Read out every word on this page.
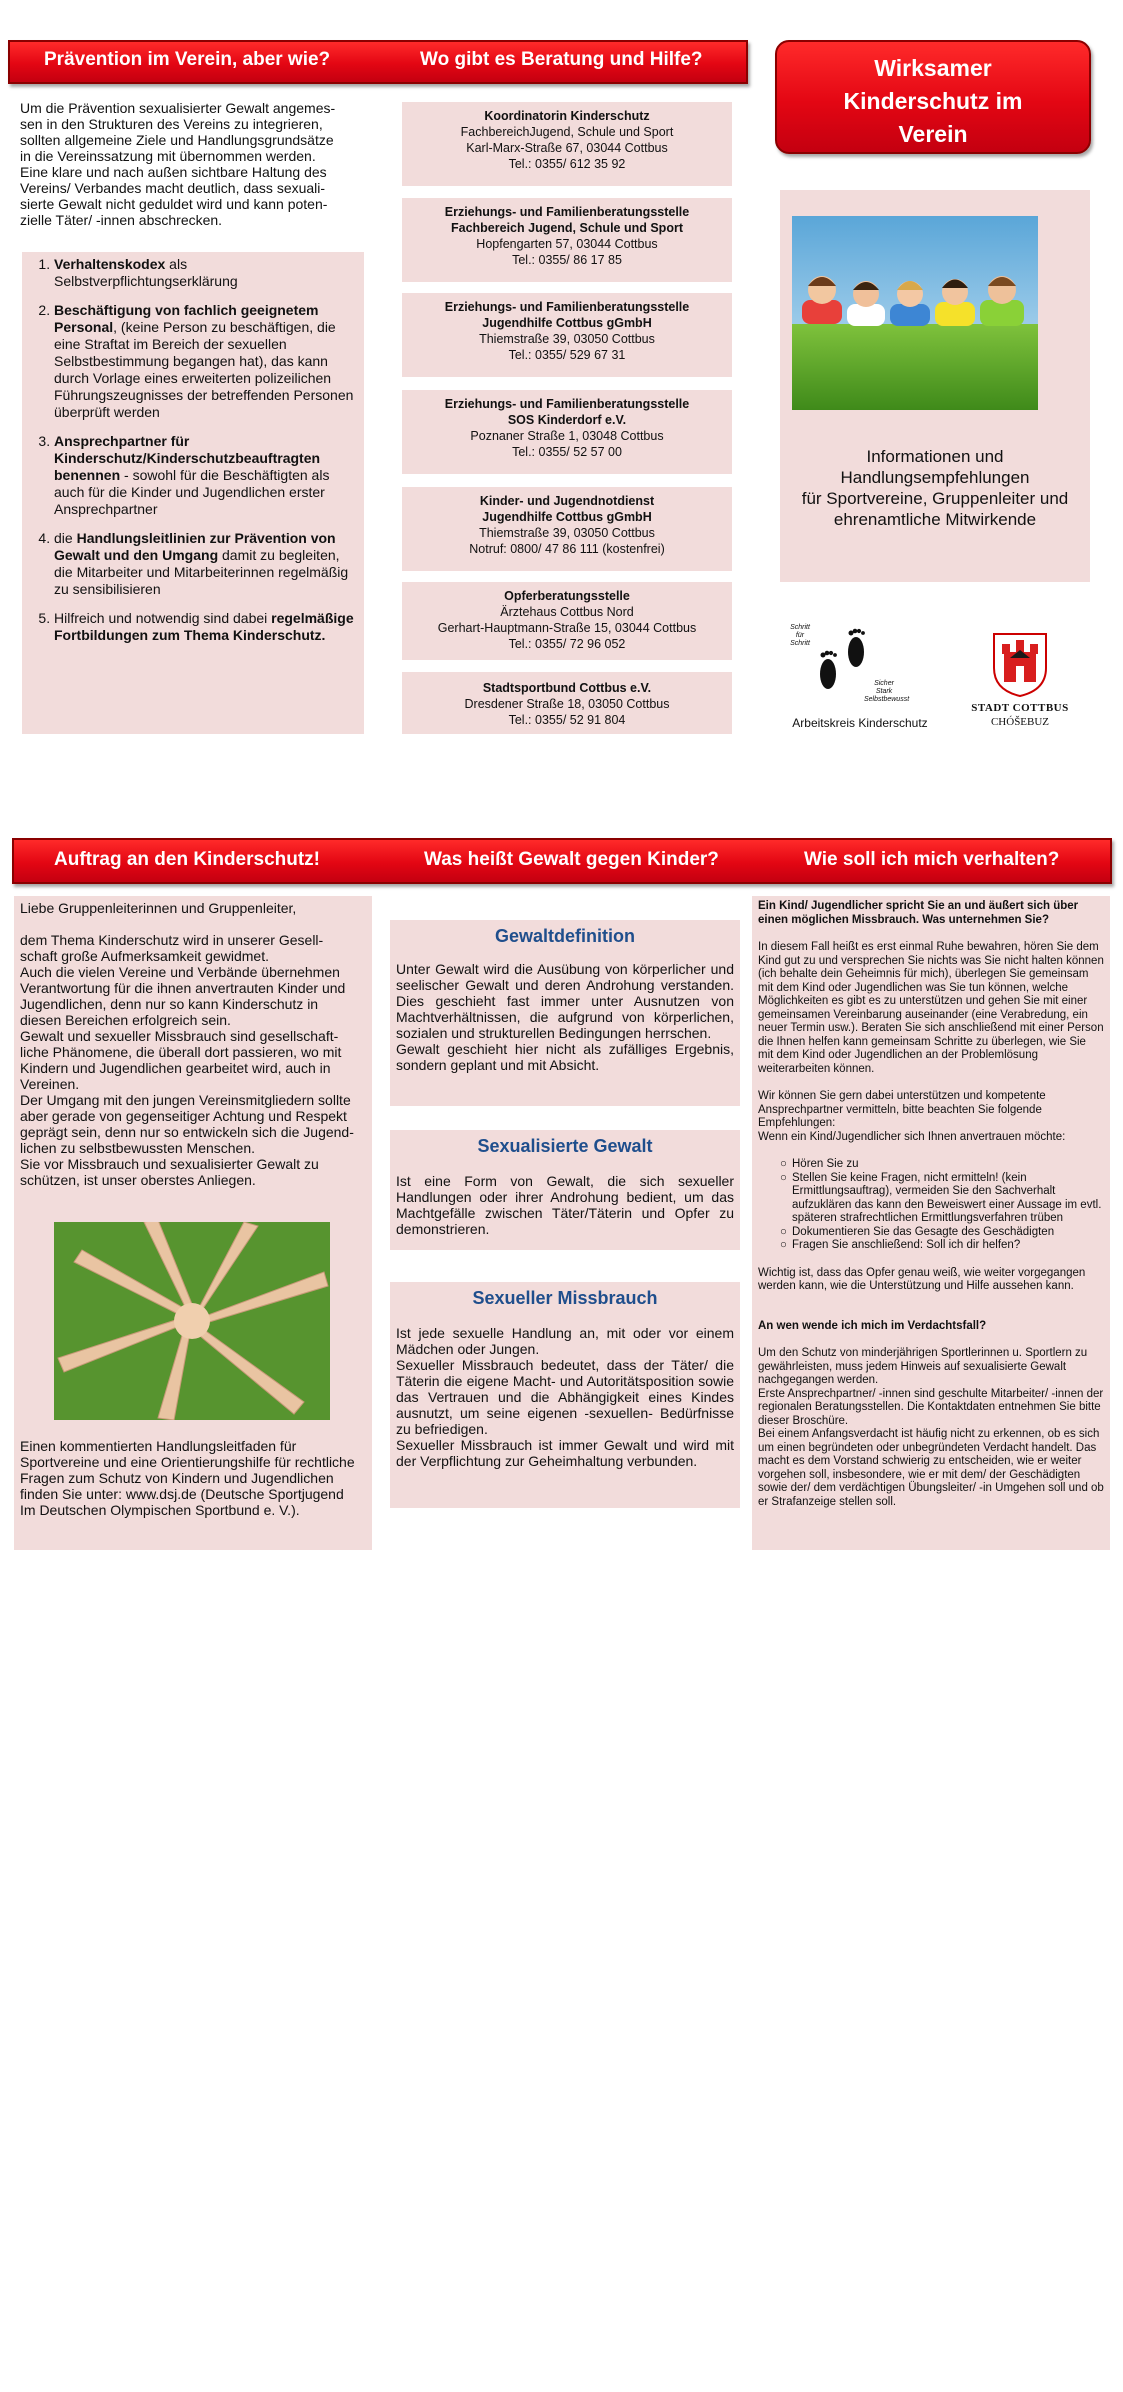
Prävention im Verein, aber wie?	Wo gibt es Beratung und Hilfe?	Wirksamer
Kinderschutz im
Verein
Um die Prävention sexualisierter Gewalt angemes-
sen in den Strukturen des Vereins zu integrieren,
sollten allgemeine Ziele und Handlungsgrundsätze
in die Vereinssatzung mit übernommen werden.
Eine klare und nach außen sichtbare Haltung des
Vereins/ Verbandes macht deutlich, dass sexuali-
sierte Gewalt nicht geduldet wird und kann poten-
zielle Täter/ -innen abschrecken.
1. Verhaltenskodex als Selbstverpflichtungserklärung
2. Beschäftigung von fachlich geeignetem Personal, (keine Person zu beschäftigen, die eine Straftat im Bereich der sexuellen Selbstbestimmung begangen hat), das kann durch Vorlage eines erweiterten polizeilichen Führungszeugnisses der betreffenden Personen überprüft werden
3. Ansprechpartner für Kinderschutz/Kinderschutzbeauftragten benennen - sowohl für die Beschäftigten als auch für die Kinder und Jugendlichen erster Ansprechpartner
4. die Handlungsleitlinien zur Prävention von Gewalt und den Umgang damit zu begleiten, die Mitarbeiter und Mitarbeiterinnen regelmäßig zu sensibilisieren
5. Hilfreich und notwendig sind dabei regelmäßige Fortbildungen zum Thema Kinderschutz.
Koordinatorin Kinderschutz
FachbereichJugend, Schule und Sport
Karl-Marx-Straße 67, 03044 Cottbus
Tel.: 0355/ 612 35 92
Erziehungs- und Familienberatungsstelle
Fachbereich Jugend, Schule und Sport
Hopfengarten 57, 03044 Cottbus
Tel.: 0355/ 86 17 85
Erziehungs- und Familienberatungsstelle
Jugendhilfe Cottbus gGmbH
Thiemstraße 39, 03050 Cottbus
Tel.: 0355/ 529 67 31
Erziehungs- und Familienberatungsstelle
SOS Kinderdorf e.V.
Poznaner Straße 1, 03048 Cottbus
Tel.: 0355/ 52 57 00
Kinder- und Jugendnotdienst
Jugendhilfe Cottbus gGmbH
Thiemstraße 39, 03050 Cottbus
Notruf: 0800/ 47 86 111 (kostenfrei)
Opferberatungsstelle
Ärztehaus Cottbus Nord
Gerhart-Hauptmann-Straße 15, 03044 Cottbus
Tel.: 0355/ 72 96 052
Stadtsportbund Cottbus e.V.
Dresdener Straße 18, 03050 Cottbus
Tel.: 0355/ 52 91 804
Informationen und
Handlungsempfehlungen
für Sportvereine, Gruppenleiter und
ehrenamtliche Mitwirkende
Schritt
für
Schritt
Sicher
Stark
Selbstbewusst
Arbeitskreis Kinderschutz
STADT COTTBUS
CHÓŠEBUZ
Auftrag an den Kinderschutz!	Was heißt Gewalt gegen Kinder?	Wie soll ich mich verhalten?
Liebe Gruppenleiterinnen und Gruppenleiter,
dem Thema Kinderschutz wird in unserer Gesell-
schaft große Aufmerksamkeit gewidmet.
Auch die vielen Vereine und Verbände übernehmen
Verantwortung für die ihnen anvertrauten Kinder und
Jugendlichen, denn nur so kann Kinderschutz in
diesen Bereichen erfolgreich sein.
Gewalt und sexueller Missbrauch sind gesellschaft-
liche Phänomene, die überall dort passieren, wo mit
Kindern und Jugendlichen gearbeitet wird, auch in
Vereinen.
Der Umgang mit den jungen Vereinsmitgliedern sollte
aber gerade von gegenseitiger Achtung und Respekt
geprägt sein, denn nur so entwickeln sich die Jugend-
lichen zu selbstbewussten Menschen.
Sie vor Missbrauch und sexualisierter Gewalt zu
schützen, ist unser oberstes Anliegen.
Einen kommentierten Handlungsleitfaden für
Sportvereine und eine Orientierungshilfe für rechtliche
Fragen zum Schutz von Kindern und Jugendlichen
finden Sie unter: www.dsj.de (Deutsche Sportjugend
Im Deutschen Olympischen Sportbund e. V.).
Gewaltdefinition
Unter Gewalt wird die Ausübung von körperlicher und seelischer Gewalt und deren Androhung verstanden. Dies geschieht fast immer unter Ausnutzen von Machtverhältnissen, die aufgrund von körperlichen, sozialen und strukturellen Bedingungen herrschen.
Gewalt geschieht hier nicht als zufälliges Ergebnis, sondern geplant und mit Absicht.
Sexualisierte Gewalt
Ist eine Form von Gewalt, die sich sexueller Handlungen oder ihrer Androhung bedient, um das Machtgefälle zwischen Täter/Täterin und Opfer zu demonstrieren.
Sexueller Missbrauch
Ist jede sexuelle Handlung an, mit oder vor einem Mädchen oder Jungen.
Sexueller Missbrauch bedeutet, dass der Täter/ die Täterin die eigene Macht- und Autoritätsposition sowie das Vertrauen und die Abhängigkeit eines Kindes ausnutzt, um seine eigenen -sexuellen- Bedürfnisse zu befriedigen.
Sexueller Missbrauch ist immer Gewalt und wird mit der Verpflichtung zur Geheimhaltung verbunden.
Ein Kind/ Jugendlicher spricht Sie an und äußert sich über einen möglichen Missbrauch. Was unternehmen Sie?
In diesem Fall heißt es erst einmal Ruhe bewahren, hören Sie dem Kind gut zu und versprechen Sie nichts was Sie nicht halten können (ich behalte dein Geheimnis für mich), überlegen Sie gemeinsam mit dem Kind oder Jugendlichen was Sie tun können, welche Möglichkeiten es gibt es zu unterstützen und gehen Sie mit einer gemeinsamen Vereinbarung auseinander (eine Verabredung, ein neuer Termin usw.). Beraten Sie sich anschließend mit einer Person die Ihnen helfen kann gemeinsam Schritte zu überlegen, wie Sie mit dem Kind oder Jugendlichen an der Problemlösung weiterarbeiten können.
Wir können Sie gern dabei unterstützen und kompetente Ansprechpartner vermitteln, bitte beachten Sie folgende Empfehlungen:
Wenn ein Kind/Jugendlicher sich Ihnen anvertrauen möchte:
○ Hören Sie zu
○ Stellen Sie keine Fragen, nicht ermitteln! (kein Ermittlungsauftrag), vermeiden Sie den Sachverhalt aufzuklären das kann den Beweiswert einer Aussage im evtl. späteren strafrechtlichen Ermittlungsverfahren trüben
○ Dokumentieren Sie das Gesagte des Geschädigten
○ Fragen Sie anschließend: Soll ich dir helfen?
Wichtig ist, dass das Opfer genau weiß, wie weiter vorgegangen werden kann, wie die Unterstützung und Hilfe aussehen kann.
An wen wende ich mich im Verdachtsfall?
Um den Schutz von minderjährigen Sportlerinnen u. Sportlern zu gewährleisten, muss jedem Hinweis auf sexualisierte Gewalt nachgegangen werden.
Erste Ansprechpartner/ -innen sind geschulte Mitarbeiter/ -innen der regionalen Beratungsstellen. Die Kontaktdaten entnehmen Sie bitte dieser Broschüre.
Bei einem Anfangsverdacht ist häufig nicht zu erkennen, ob es sich um einen begründeten oder unbegründeten Verdacht handelt. Das macht es dem Vorstand schwierig zu entscheiden, wie er weiter vorgehen soll, insbesondere, wie er mit dem/ der Geschädigten sowie der/ dem verdächtigen Übungsleiter/ -in Umgehen soll und ob er Strafanzeige stellen soll.
